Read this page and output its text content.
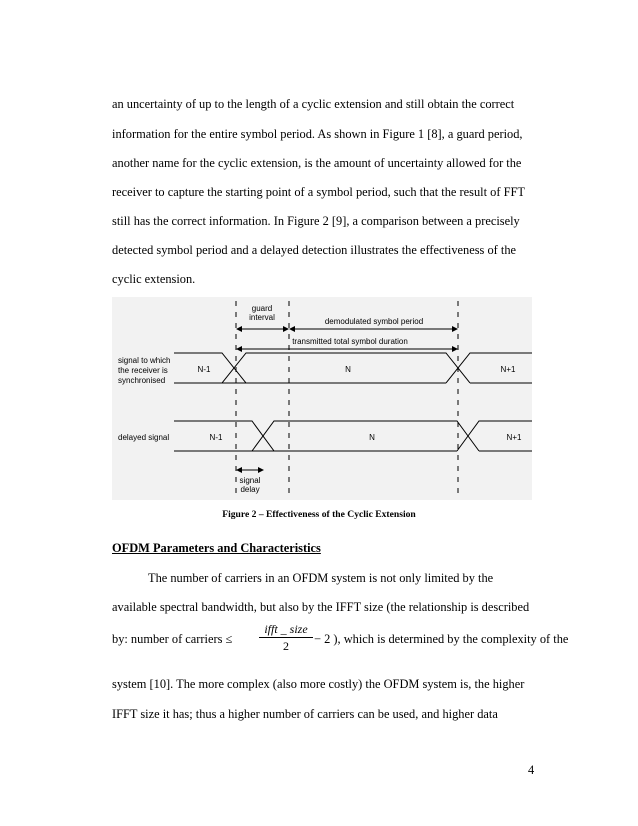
an uncertainty of up to the length of a cyclic extension and still obtain the correct
information for the entire symbol period. As shown in Figure 1 [8], a guard period,
another name for the cyclic extension, is the amount of uncertainty allowed for the
receiver to capture the starting point of a symbol period, such that the result of FFT
still has the correct information. In Figure 2 [9], a comparison between a precisely
detected symbol period and a delayed detection illustrates the effectiveness of the
cyclic extension.
guard
interval	demodulated symbol period
transmitted total symbol duration
signal to which
the receiver is
synchronised
N-1	N	N+1
delayed signal	N-1	N	N+1
signal
delay
Figure 2 – Effectiveness of the Cyclic Extension
OFDM Parameters and Characteristics
The number of carriers in an OFDM system is not only limited by the
available spectral bandwidth, but also by the IFFT size (the relationship is described
by: number of carriers ≤
ifft _ size
2	− 2 ), which is determined by the complexity of the
system [10]. The more complex (also more costly) the OFDM system is, the higher
IFFT size it has; thus a higher number of carriers can be used, and higher data
4
